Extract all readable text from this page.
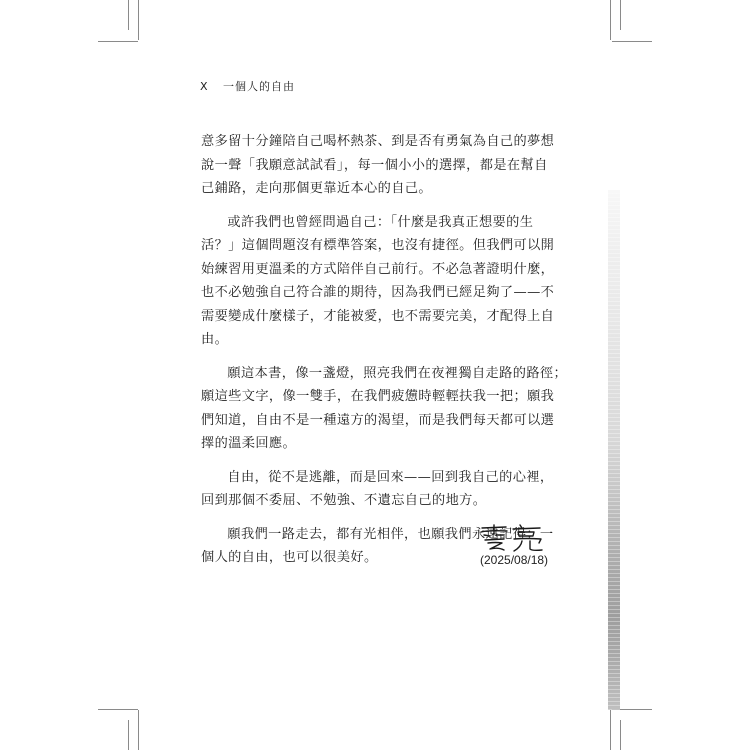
X 一個人的自由

意多留十分鐘陪自己喝杯熱茶、到是否有勇氣為自己的夢想
說一聲「我願意試試看」，每一個小小的選擇，都是在幫自
己鋪路，走向那個更靠近本心的自己。

或許我們也曾經問過自己：「什麼是我真正想要的生
活？」這個問題沒有標準答案，也沒有捷徑。但我們可以開
始練習用更溫柔的方式陪伴自己前行。不必急著證明什麼，
也不必勉強自己符合誰的期待，因為我們已經足夠了——不
需要變成什麼樣子，才能被愛，也不需要完美，才配得上自
由。

願這本書，像一盞燈，照亮我們在夜裡獨自走路的路徑；
願這些文字，像一雙手，在我們疲憊時輕輕扶我一把；願我
們知道，自由不是一種遠方的渴望，而是我們每天都可以選
擇的溫柔回應。

自由，從不是逃離，而是回來——回到我自己的心裡，
回到那個不委屈、不勉強、不遺忘自己的地方。

願我們一路走去，都有光相伴，也願我們永遠記得：一
個人的自由，也可以很美好。	(2025/08/18)
